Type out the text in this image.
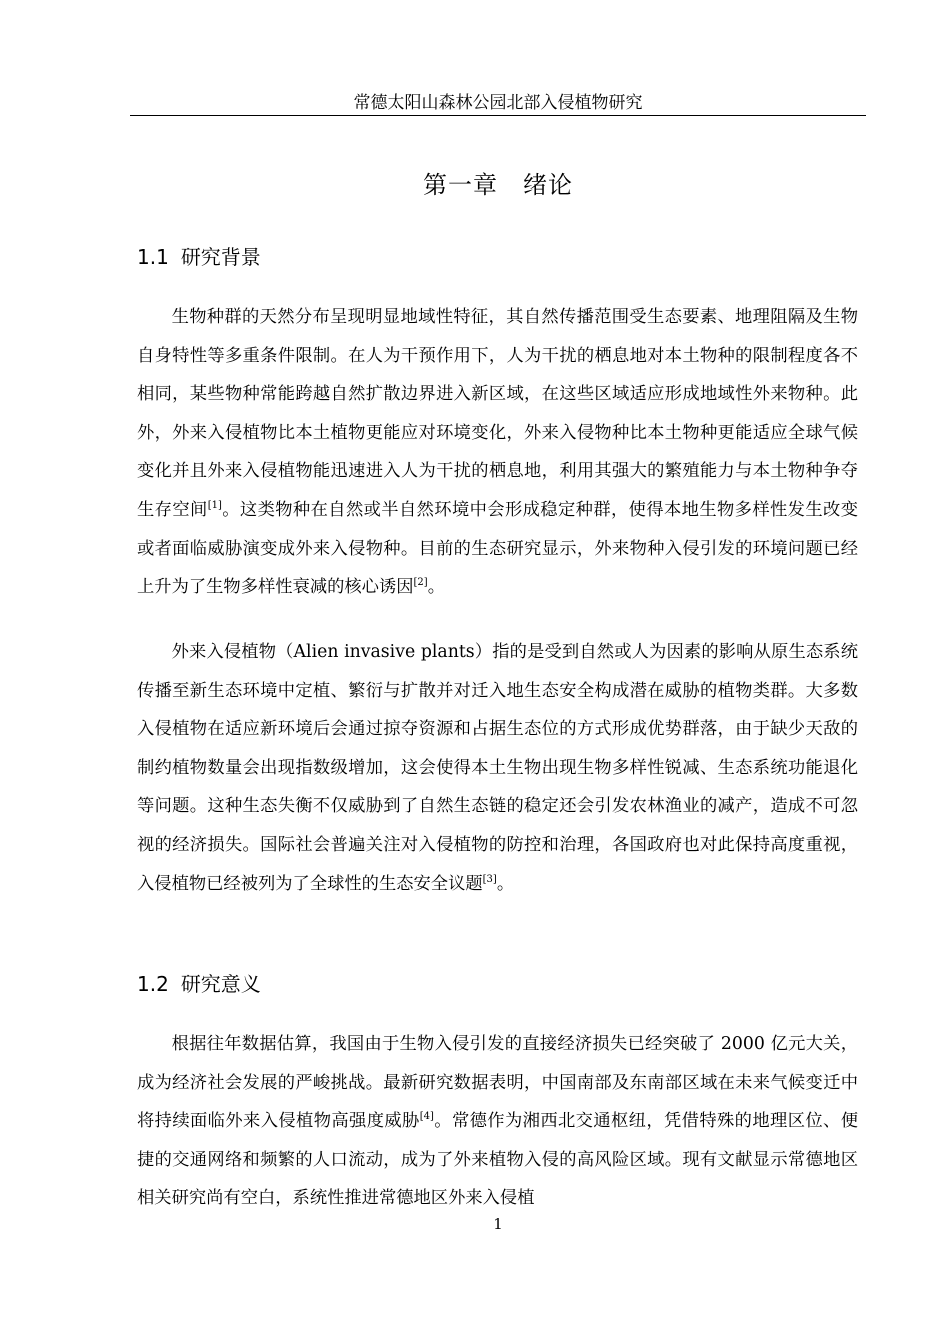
常德太阳山森林公园北部入侵植物研究
第一章　绪论
1.1 研究背景

生物种群的天然分布呈现明显地域性特征，其自然传播范围受生态要素、地理阻隔及生物自身特性等多重条件限制。在人为干预作用下，人为干扰的栖息地对本土物种的限制程度各不相同，某些物种常能跨越自然扩散边界进入新区域，在这些区域适应形成地域性外来物种。此外，外来入侵植物比本土植物更能应对环境变化，外来入侵物种比本土物种更能适应全球气候变化并且外来入侵植物能迅速进入人为干扰的栖息地，利用其强大的繁殖能力与本土物种争夺生存空间[1]。这类物种在自然或半自然环境中会形成稳定种群，使得本地生物多样性发生改变或者面临威胁演变成外来入侵物种。目前的生态研究显示，外来物种入侵引发的环境问题已经上升为了生物多样性衰减的核心诱因[2]。

外来入侵植物（Alien invasive plants）指的是受到自然或人为因素的影响从原生态系统传播至新生态环境中定植、繁衍与扩散并对迁入地生态安全构成潜在威胁的植物类群。大多数入侵植物在适应新环境后会通过掠夺资源和占据生态位的方式形成优势群落，由于缺少天敌的制约植物数量会出现指数级增加，这会使得本土生物出现生物多样性锐减、生态系统功能退化等问题。这种生态失衡不仅威胁到了自然生态链的稳定还会引发农林渔业的减产，造成不可忽视的经济损失。国际社会普遍关注对入侵植物的防控和治理，各国政府也对此保持高度重视，入侵植物已经被列为了全球性的生态安全议题[3]。

1.2 研究意义

根据往年数据估算，我国由于生物入侵引发的直接经济损失已经突破了 2000 亿元大关，成为经济社会发展的严峻挑战。最新研究数据表明，中国南部及东南部区域在未来气候变迁中将持续面临外来入侵植物高强度威胁[4]。常德作为湘西北交通枢纽，凭借特殊的地理区位、便捷的交通网络和频繁的人口流动，成为了外来植物入侵的高风险区域。现有文献显示常德地区相关研究尚有空白，系统性推进常德地区外来入侵植

1
